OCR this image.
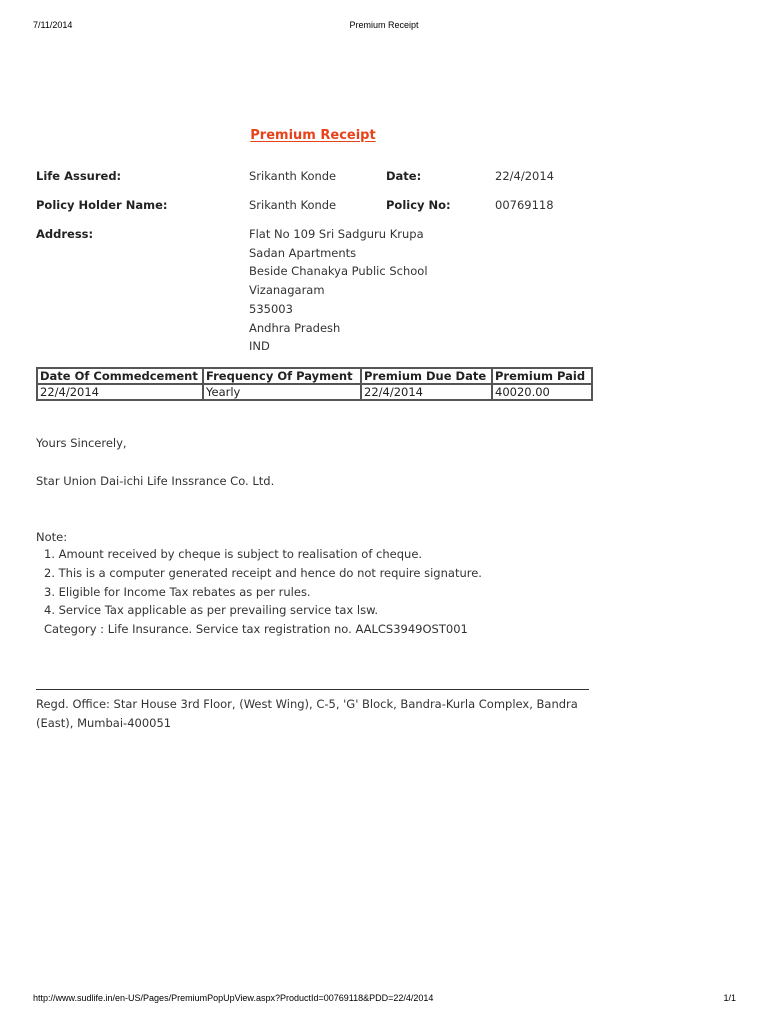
7/11/2014	Premium Receipt
Premium Receipt
Life Assured:	Srikanth Konde	Date:	22/4/2014
Policy Holder Name:	Srikanth Konde	Policy No:	00769118
Address:	Flat No 109 Sri Sadguru Krupa
Sadan Apartments
Beside Chanakya Public School
Vizanagaram
535003
Andhra Pradesh
IND
Date Of Commedcement	Frequency Of Payment	Premium Due Date	Premium Paid
22/4/2014	Yearly	22/4/2014	40020.00
Yours Sincerely,
Star Union Dai-ichi Life Inssrance Co. Ltd.
Note:
1. Amount received by cheque is subject to realisation of cheque.
2. This is a computer generated receipt and hence do not require signature.
3. Eligible for Income Tax rebates as per rules.
4. Service Tax applicable as per prevailing service tax lsw.
Category : Life Insurance. Service tax registration no. AALCS3949OST001
Regd. Office: Star House 3rd Floor, (West Wing), C-5, 'G' Block, Bandra-Kurla Complex, Bandra (East), Mumbai-400051
http://www.sudlife.in/en-US/Pages/PremiumPopUpView.aspx?ProductId=00769118&PDD=22/4/2014	1/1
